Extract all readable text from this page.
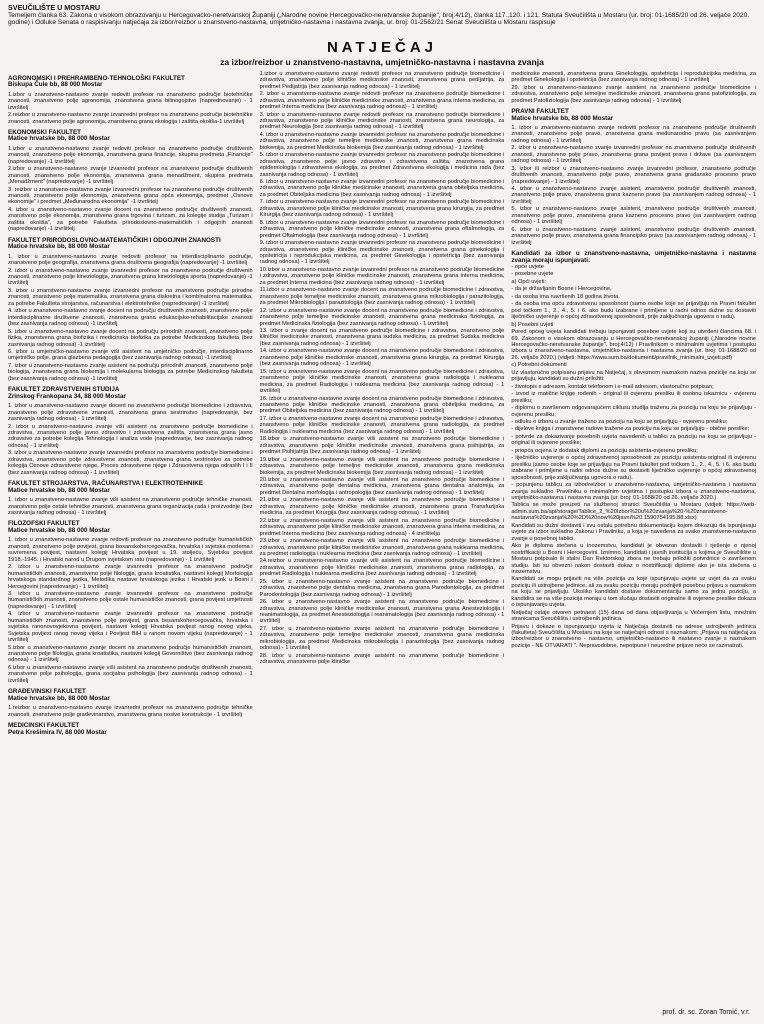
SVEUČILIŠTE U MOSTARU
Temeljem članka 63. Zakona o visokom obrazovanju u Hercegovačko-neretvanskoj Županiji („Narodne novine Hercegovačko-neretvanske županije", broj:4/12), članka 117.,120. i 121. Statuta Sveučilišta u Mostaru (ur. broj: 01-1685/20 od 26. veljače 2020. godine) i Odluke Senata o raspisivanju natječaja za izbor/reizbor u znanstveno-nastavna, umjetničko-nastavna i nastavna zvanja, ur. broj: 01-2562/21 Senat Sveučilišta u Mostaru raspisuje
NATJEČAJ
za izbor/reizbor u znanstveno-nastavna, umjetničko-nastavna i nastavna zvanja
AGRONOMSKI I PREHRAMBENO-TEHNOLOŠKI FAKULTET
Biskupa Čule bb, 88 000 Mostar

1.izbor u znanstveno-nastavno zvanje redoviti profesor na znanstveno područje biotehničke znanosti, znanstveno polje agronomija, znanstvena grana bilinogojstvo (naprednovanje) - 1 izvršitelj

2.reizbor u znanstveno-nastavno zvanje izvanredni profesor na znanstveno područje biotehničke znanosti, znanstveno polje agronomija, znanstvena grana ekologija i zaštita okoliša-1 izvršitelj

EKONOMSKI FAKULTET
Matice hrvatske bb, 88 000 Mostar

1.izbor u znanstveno-nastavno zvanje redoviti profesor na znanstveno područje društvenih znanosti, znanstveno polje ekonomija, znanstvena grana financije, skupina predmeta „Financije" (napredovanje) -1 izvršitelj

2.izbor u znanstveno-nastavno zvanje izvanredni profesor na znanstveno područje društvenih znanosti, znanstveno polje ekonomija, znanstvena grana menadžment, skupina predmeta „Menadžment" (napredovanje) -1 izvršitelj

3. reizbor u znanstveno-nastavno zvanje izvanredni profesor na znanstveno područje društvenih znanosti, znanstveno polje ekonomija, znanstvena grana opća ekonomija, predmet „Osnove ekonomije" i predmet „Međunarodna ekonomija" -1 izvršitelj

4. izbor u znanstveno-nastavno zvanje docent na znanstveno područje društvenih znanosti, znanstveno polje ekonomija, znanstvena grana trgovina i turizam, za kolegije studija „Turizam i zaštita okoliša", za potrebe Fakulteta prirodoslovno-matematičkih i odgojnih znanosti (napredovanje) -1 izvršitelj

FAKULTET PRIRODOSLOVNO-MATEMATIČKIH I ODGOJNIH ZNANOSTI
Matice hrvatske bb, 88 000 Mostar

1. izbor u znanstveno-nastavno zvanje redoviti profesor na interdisciplinarno područje, znanstveno polje geografija, znanstvena grana društvena geografija (napredovanje) -1 izvršitelj

2. izbor u znanstveno-nastavno zvanje izvanredni profesor na znanstveno područje društvenih znanosti, znanstveno polje kineziologija, znanstvena grana kineziologija sporta (napredovanje) -1 izvršitelj

3. izbor u znanstveno-nastavno zvanje izvanredni profesor na znanstveno područje prirodne znanosti, znanstveno polje matematika, znanstvena grana diskretna i kombinatorna matematika, za potrebe Fakulteta strojarstva, računarstva i elektrotehnike (napredovanje) -1 izvršitelj

4. izbor u znanstveno-nastavno zvanje docent na području društvenih znanosti, znanstveno polje interdisciplinarne društvene znanosti, znanstvena grana edukacijsko-rehabilitacijske znanosti (bez zasnivanja radnog odnosa) -1 izvršitelj

5. izbor u znanstveno-nastavno zvanje docent na području prirodnih znanosti, znanstveno polje fizika, znanstvena grana biofizika i medicinska biofizika za potrebe Medicinskog fakulteta (bez zasnivanja radnog odnosa) -1 izvršitelj

6. izbor u umjetničko-nastavno zvanje viši asistent na umjetničko područje, interdisciplinarno umjetničko polje, grana glazbena pedagogija (bez zasnivanja radnog odnosa) -1 izvršitelj

7. izbor u znanstveno-nastavno zvanje asistent na području prirodnih znanosti, znanstveno polje biologija, znanstvena grana biokemija i molekularna biologija za potrebe Medicinskog fakulteta (bez zasnivanja radnog odnosa) -1 izvršitelj

FAKULTET ZDRAVSTVENIH STUDIJA
Zrinskog Frankopana 34, 88 000 Mostar

1. izbor u znanstveno-nastavno zvanje docent na znanstveno područje biomedicine i zdravstva, znanstveno polje zdravstvene znanosti, znanstvena grana sestrinstvo (napredovanje, bez zasnivanja radnog odnosa) - 1 izvršitelj

2. izbor u znanstveno-nastavno zvanje viši asistent na znanstveno područje biomedicine i zdravstva, znanstveno polje javno zdravstvo i zdravstvena zaštita, znanstvena grana javno zdravstvo za potrebe kolegija Tehnologija i analiza vode (napredovanje, bez zasnivanja radnog odnosa) - 1 izvršitelj

3. izbor u znanstveno-nastavno zvanje izvanredni profesor na znanstveno područje biomedicine i zdravstva, znanstveno polje zdravstvene znanosti, znanstvena grana sestrinstvo za potrebe kolegija Osnove zdravstvene njege, Proces zdravstvene njege i Zdravstvena njega odraslih I i II (bez zasnivanja radnog odnosa) - 1 izvršitelj

FAKULTET STROJARSTVA, RAČUNARSTVA I ELEKTROTEHNIKE
Matice hrvatske bb, 88 000 Mostar

1. izbor u znanstveno-nastavno zvanje viši asistent na znanstveno područje tehničke znanosti, znanstveno polje ostale tehničke znanosti, znanstvena grana organizacija rada i proizvodnje (bez zasnivanja radnog odnosa) - 1 izvršitelj

FILOZOFSKI FAKULTET
Matice hrvatske bb, 88 000 Mostar

1. izbor u znanstveno-nastavno zvanje redoviti profesor na znanstveno područje humanističkih znanosti, znanstveno polje povijest, grana bosanskohercegovačka, hrvatska i svjetska moderna i suvremena povijest, nastavni kolegij Hrvatska povijest u 19. stoljeću, Svjetska povijest 1918.-1945. i Hrvatski narod u Drugom svjetskom ratu (napredovanje) - 1 izvršitelj

2. izbor u znanstveno-nastavno zvanje izvanredni profesor na znanstveno područje humanističkih znanosti, znanstveno polje filologija, grana kroatistika, nastavni kolegij Morfologija hrvatskoga standardnog jezika, Metodika nastave hrvatskoga jezika i Hrvatski jezik u Bosni i Hercegovini (napredovanje) - 1 izvršitelj

3. izbor u znanstveno-nastavno zvanje izvanredni profesor na znanstveno područje humanističkih znanosti, znanstveno polje ostale humanističke znanosti, grana povijest umjetnosti (napredovanje) - 1 izvršitelj

4. izbor u znanstveno-nastavno zvanje izvanredni profesor na znanstveno područje humanističkih znanosti, znanstveno polje povijest, grana bosanskohercegovačka, hrvatska i svjetska ranonovovjekovna povijest, nastavni kolegij Hrvatska povijest ranog novog vijeka, Svjetska povijest ranog novog vijeka i Povijest BiH u ranom novom vijeku (napredovanje) - 1 izvršitelj

5.izbor u znanstveno-nastavno zvanje docent na znanstveno područje humanističkih znanosti, znanstveno polje filologija, grana kroatistika, nastavni kolegij Govorništvo (bez zasnivanja radnog odnosa) - 1 izvršitelj

6.izbor u znanstveno-nastavno zvanje viši asistent na znanstveno područje društvenih znanosti, znanstveno polje psihologija, grana socijalna psihologija (bez zasnivanja radnog odnosa) - 1 izvršitelj

GRAĐEVINSKI FAKULTET
Matice hrvatske bb, 88 000 Mostar

1.reizbor u znanstveno-nastavno zvanje izvanredni profesor na znanstveno područje tehničke znanosti, znanstveno polje građevinarstvo, znanstvena grana nosive konstrukcije - 1 izvršitelj

MEDICINSKI FAKULTET
Petra Krešimira IV, 88 000 Mostar

1.izbor u znanstveno-nastavno zvanje redoviti profesor na znanstveno područje biomedicine i zdravstva, znanstveno polje kliničke medicinske znanosti, znanstvena grana pedijatrija, za predmet Pedijatrija (bez zasnivanja radnog odnosa) - 1 izvršitelj

2. izbor u znanstveno-nastavno zvanje redoviti profesor na znanstveno područje biomedicine i zdravstva, znanstveno polje kliničke medicinske znanosti, znanstvena grana interna medicina, za predmet Interna medicina (bez zasnivanja radnog odnosa) - 1 izvršitelj

3. izbor u znanstveno-nastavno zvanje redoviti profesor na znanstveno područje biomedicine i zdravstva, znanstveno polje kliničke medicinske znanosti, znanstvena grana neurologija, za predmet Neurologija (bez zasnivanja radnog odnosa) - 1 izvršitelj

4. izbor u znanstveno-nastavno zvanje izvanredni profesor na znanstveno područje biomedicine i zdravstva, znanstveno polje temeljne medicinske znanosti, znanstvena grana medicinska biokemija, za predmet Medicinska biokemija (bez zasnivanja radnog odnosa) - 1 izvršitelj

5. izbor u znanstveno-nastavno zvanje izvanredni profesor na znanstveno područje biomedicine i zdravstva, znanstveno polje javno zdravstvo i zdravstvena zaštita, znanstvena grana epidemiologija i zdravstvena ekologija, za predmet Zdravstvena ekologija i medicina rada (bez zasnivanja radnog odnosa) - 1 izvršitelj

6. izbor u znanstveno-nastavno zvanje izvanredni profesor na znanstveno područje biomedicine i zdravstva, znanstveno polje kliničke medicinske znanosti, znanstvena grana obiteljska medicina, za predmet Obiteljska medicina (bez zasnivanja radnog odnosa) - 1 izvršitelj

7. izbor u znanstveno-nastavno zvanje izvanredni profesor na znanstveno područje biomedicine i zdravstva, znanstveno polje kliničke medicinske znanosti, znanstvena grana kirurgija, za predmet Kirurgija (bez zasnivanja radnog odnosa) - 1 izvršitelj

8. izbor u znanstveno-nastavno zvanje izvanredni profesor na znanstveno područje biomedicine i zdravstva, znanstveno polje kliničke medicinske znanosti, znanstvena grana oftalmologija, za predmet Oftalmologija (bez zasnivanja radnog odnosa) - 1 izvršitelj

9. izbor u znanstveno-nastavno zvanje izvanredni profesor na znanstveno područje biomedicine i zdravstva, znanstveno polje kliničke medicinske znanosti, znanstvena grana ginekologija i opstetricija i reprodukcijska medicina, za predmet Ginekologija i opstetricija (bez zasnivanja radnog odnosa) - 1 izvršitelj

10.izbor u znanstveno-nastavno zvanje izvanredni profesor na znanstveno područje biomedicine i zdravstva, znanstveno polje kliničke medicinske znanosti, znanstvena grana interna medicina, za predmet Interna medicina (bez zasnivanja radnog odnosa) - 1 izvršitelj

11.izbor u znanstveno-nastavno zvanje docent na znanstveno područje biomedicine i zdravstva, znanstveno polje temeljne medicinske znanosti, znanstvena grana mikrobiologija i parazitologija, za predmet Mikrobiologija i parazitologija (bez zasnivanja radnog odnosa) - 1 izvršitelj

12. izbor u znanstveno-nastavno zvanje docent na znanstveno područje biomedicine i zdravstva, znanstveno polje temeljne medicinske znanosti, znanstvena grana medicinska fiziologija, za predmet Medicinska fiziologija (bez zasnivanja radnog odnosa) - 1 izvršitelj

13. izbor u zvanje docent na znanstveno područje biomedicine i zdravstva, znanstveno polje kliničke medicinske znanosti, znanstvena grana sudska medicina, za predmet Sudska medicina (bez zasnivanja radnog odnosa) - 1 izvršitelj

14. izbor u znanstveno-nastavno zvanje docent na znanstveno područje biomedicine i zdravstva, znanstveno polje kliničke medicinske znanosti, znanstvena grana kirurgija, za predmet Kirurgija (bez zasnivanja radnog odnosa) - 1 izvršitelj

15. izbor u znanstveno-nastavno zvanje docent na znanstveno područje biomedicine i zdravstva, znanstveno polje kliničke medicinske znanosti, znanstvena grana radiologija i nuklearna medicina, za predmet Radiologija i nuklearna medicina (bez zasnivanja radnog odnosa) - 1 izvršitelj

16. izbor u znanstveno-nastavno zvanje docent na znanstveno područje biomedicine i zdravstva, znanstveno polje kliničke medicinske znanosti, znanstvena grana obiteljska medicina, za predmet Obiteljska medicina (bez zasnivanja radnog odnosa) - 1 izvršitelj

17. izbor u znanstveno-nastavno zvanje docent na znanstveno područje biomedicine i zdravstva, znanstveno polje kliničke medicinske znanosti, znanstvena grana radiologija, za predmet Radiologija i nuklearna medicina (bez zasnivanja radnog odnosa) - 1 izvršitelj

18.izbor u znanstveno-nastavno zvanje viši asistent na znanstveno područje biomedicine i zdravstva, znanstveno polje kliničke medicinske znanosti, znanstvena grana psihijatrija, za predmet Psihijatrija (bez zasnivanja radnog odnosa) - 1 izvršitelj

19.izbor u znanstveno-nastavno zvanje viši asistent na znanstveno područje biomedicine i zdravstva, znanstveno polje temeljne medicinske znanosti, znanstvena grana medicinska biokemija, za predmet Medicinska biokemija (bez zasnivanja radnog odnosa) - 1 izvršitelj

20.izbor u znanstveno-nastavno zvanje viši asistent na znanstveno područje biomedicine i zdravstva, znanstveno polje dentalna medicina, znanstvena grana dentalna anatomija, za predmet Dentalna morfologija i antropologija (bez zasnivanja radnog odnosa) - 1 izvršitelj

21.izbor u znanstveno-nastavno zvanje viši asistent na znanstveno područje biomedicine i zdravstva, znanstveno polje kliničke medicinske znanosti, znanstvena grana Transfuzijska medicina, za predmet Kirurgija (bez zasnivanja radnog odnosa) - 1 izvršitelj

22.izbor u znanstveno-nastavno zvanje viši asistent na znanstveno područje biomedicine i zdravstva, znanstveno polje kliničke medicinske znanosti, znanstvena grana interna medicina, za predmet Interna medicina (bez zasnivanja radnog odnosa) - 4 izvršitelja

23.izbor u znanstveno-nastavno zvanje viši asistent na znanstveno područje biomedicine i zdravstva, znanstveno polje kliničke medicinske znanosti, znanstvena grana nuklearna medicina, za predmet radiologija i nuklearna medicina (bez zasnivanja radnog odnosa) - 1 izvršitelj

24.reizbor u znanstveno-nastavno zvanje viši asistent na znanstveno područje biomedicine i zdravstva, znanstveno polje kliničke medicinske znanosti, znanstvena grana radiologija, za predmet Radiologija i nuklearna medicina (bez zasnivanja radnog odnosa) - 1 izvršitelj

25. izbor u znanstveno-nastavno zvanje asistent na znanstveno područje biomedicine i zdravstva, znanstveno polje dentalna medicina, znanstvena grana Parodontologija, za predmet Parodontologija (bez zasnivanja radnog odnosa) - 1 izvršitelj

26. izbor u znanstveno-nastavno zvanje asistent na znanstveno područje biomedicine i zdravstva, znanstveno polje kliničke medicinske znanosti, znanstvena grana Anesteziologija i reanimatologija, za predmet Anesteziologija i reanimatologija (bez zasnivanja radnog odnosa) - 1 izvršitelj

27. izbor u znanstveno-nastavno zvanje asistent na znanstveno područje biomedicine i zdravstva, znanstveno polje temeljne medicinske znanosti, znanstvena grana medicinska mikrobiologija, za predmet Medicinska mikrobiologija i parazitologija (bez zasnivanja radnog odnosa) - 1 izvršitelj

28. izbor u znanstveno-nastavno zvanje asistent na znanstveno područje biomedicine i zdravstva, znanstveno polje kliničke

medicinske znanosti, znanstvena grana Ginekologija, opstetricija i reprodukcijska medicina, za predmet Ginekologija i opstetricija (bez zasnivanja radnog odnosa) - 1 izvršitelj

29. izbor u znanstveno-nastavno zvanje asistent na znanstveno područje biomedicine i zdravstva, znanstveno polje temeljne medicinske znanosti, znanstvena grana patofiziologija, za predmet Patofiziologija (bez zasnivanja radnog odnosa) - 1 izvršitelj

PRAVNI FAKULTET
Matice hrvatske bb, 88 000 Mostar

1. izbor u znanstveno-nastavno zvanje redoviti profesor na znanstveno područje društvenih znanosti, znanstveno polje pravo, znanstvena grana međunarodno pravo (sa zasnivanjem radnog odnosa) - 1 izvršitelj

2. izbor u znanstveno-nastavno zvanje izvanredni profesor na znanstveno područje društvenih znanosti, znanstveno polje pravo, znanstvena grana povijest prava i države (sa zasnivanjem radnog odnosa) - 1 izvršitelj

3. izbor ili reizbor u znanstveno-nastavno zvanje izvanredni profesor, znanstveno područje društvenih znanosti, znanstveno polje pravo, znanstvena grana građansko procesno pravo (napredovanje) - 1 izvršitelj

4. izbor u znanstveno-nastavno zvanje asistent, znanstveno područje društvenih znanosti, znanstveno polje pravo, znanstvena grana kazneno pravo (sa zasnivanjem radnog odnosa) - 1 izvršitelj

5. izbor u znanstveno-nastavno zvanje asistent, znanstveno područje društvenih znanosti, znanstveno polje pravo, znanstvena grana kazneno procesno pravo (sa zasnivanjem radnog odnosa) - 1 izvršitelj

6. izbor u znanstveno-nastavno zvanje asistent, znanstveno područje društvenih znanosti, znanstveno polje pravo, znanstvena grana financijsko pravo (sa zasnivanjem radnog odnosa) - 1 izvršitelj

Kandidati za izbor u znanstveno-nastavna, umjetničko-nastavna i nastavna zvanja moraju ispunjavati:

- opće uvjete

- posebne uvjete

a) Opći uvjeti:

- da je državljanin Bosne i Hercegovine,

- da osoba ima navršenih 18 godina života.

- da osoba ima opću zdravstvenu sposobnost (samo osobe koje se prijavljuju na Pravni fakultet pod točkom 1., 2., 4., 5. i 6. ako budu izabrane i primljene u radni odnos dužne su dostaviti liječničko uvjerenje o općoj zdravstvenoj sposobnosti, prije zaključivanja ugovora o radu).

b) Posebni uvjeti

Pored općeg uvjeta kandidati trebaju ispunjavati posebne uvjete koji su utvrđeni člancima 68. i 69. Zakonom o visokom obrazovanju u Hercegovačko-neretvanskoj županiji („Narodne novine Hercegovačko-neretvanske županije", broj:4/12) i Pravilnikom o minimalnim uvjetima i postupku izbora u znanstveno-nastavna, umjetničko-nastavna i nastavna zvanja (ur. broj: 01-1688/20 od 26. veljače 2020.) (vidjeti: https://www.sum.ba/dokumenti/pravilnik_minimalni_uvjeti.pdf)

c) Potrebni dokumenti

Uz vlastoručno potpisanu prijavu na Natječaj, s obveznom naznakom naziva pozicije na koju se prijavljuju, kandidati su dužni priložiti:

- životopis s adresom, kontakt telefonom i e-mail adresom, vlastoručno potpisan;

- izvod iz matične knjige rođenih - original ili ovjerenu presliku ili osobnu iskaznicu - ovjerenu presliku;

- diplomu o završenom odgovarajućem ciklusu studija traženu za poziciju na koju se prijavljuju - ovjerenu presliku;

- odluku o izboru u zvanje traženo za poziciju na koju se prijavljuju - ovjerenu presliku;

- dijelove knjiga i znanstvene radove tražene za poziciju na koju se prijavljuju - obične preslike;

- potvrde za dokazivanje posebnih uvjeta navedenih u tablici za poziciju na koju se prijavljuju - original ili ovjerene preslike;

- priopća ocjena iz dodatak diplomi za poziciju asistenta-ovjerenu presliku;

- liječničko uvjerenje o općoj zdravstvenoj sposobnosti za poziciju asistenta-original ili ovjerenu presliku (samo osobe koje se prijavljuju na Pravni fakultet pod točkom 1., 2., 4., 5. i 6. ako budu izabrane i primljene u radni odnos dužne su dostaviti liječničko uvjerenje o općoj zdravstvenoj sposobnosti, prije zaključivanja ugovora o radu).

- popunjenu tablicu za izbor/reizbor u znanstveno-nastavna, umjetničko-nastavna i nastavna zvanja sukladno Pravilniku o minimalnim uvjetima i postupku izbora u znanstveno-nastavna, umjetničko-nastavna i nastavna zvanja (ur. broj: 01-1688/20 od 26. veljače 2020.)

Tablica se može preuzeti na službenoj stranici Sveučilišta u Mostaru (vidjeti: https://web-admin.sum.ba/api/storage/Tablice_2_%20Izbor%20u%20zvanja%20-%20znanstveno-nastavna%20zvanja%20%2D%20now%20javni%20.1590754195.88.xlsx)

Kandidati su dužni dostaviti i svu ostalu potrebnu dokumentaciju kojom dokazuju da ispunjavaju uvjete za izbor sukladno Zakonu i Pravilniku, a koja je navedena za svako znanstveno-nastavno zvanje u posebnoj tablici.

Ako je diploma stečena u inozemstvu, kandidati je obvezan dostaviti i rješenje o njenoj nostrifikaciji u Bosni i Hercegovini. Iznimno, kandidati i javnih institucija s kojima je Sveučilište u Mostaru potpisalo ili stalni Dan Rektorskog zbora ne trebaju priložiti potvrdnice o završenom studiju. Isti su obvezni nakon dostaviti dokaz o nostrifikaciji diplome ako je ista stečena u inozemstvu.

Kandidati se mogu prijaviti na više pozicija za koje ispunjavaju uvjete uz uvjet da za svaku poziciju ili ustrojbene jedinice, ali za svaku poziciju moraju podnijeti posebnu prijavu s naznakom na koju se prijavljuju. Ukoliko kandidati dostave dokumentaciju samo za jednu poziciju, a kandidira se na više pozicija moraju u tom slučaju dostaviti originalne ili ovjerene preslike dokaza o ispunjavanju uvjeta.

Natječaj ostaje otvoren petnaest (15) dana od dana objavljivanja u Večernjem listu, mrežnim stranicama Sveučilišta i ustrojbenih jedinica.

Prijavu i dokaze o ispunjavanju uvjeta iz Natječaja dostaviti na adrese ustrojbenih jedinica (fakulteta) Sveučilišta u Mostaru na koje se natječajni odnosi s naznakom: „Prijava na natječaj za izbor/reizbor u znanstveno - nastavno, umjetničko-nastavno ili nastavno zvanje s naznakom pozicije - NE OTVARATI ". Nepravodobne, nepotpune i neuredne prijave neće se razmatrati.

prof. dr. sc. Zoran Tomić, v.r.
